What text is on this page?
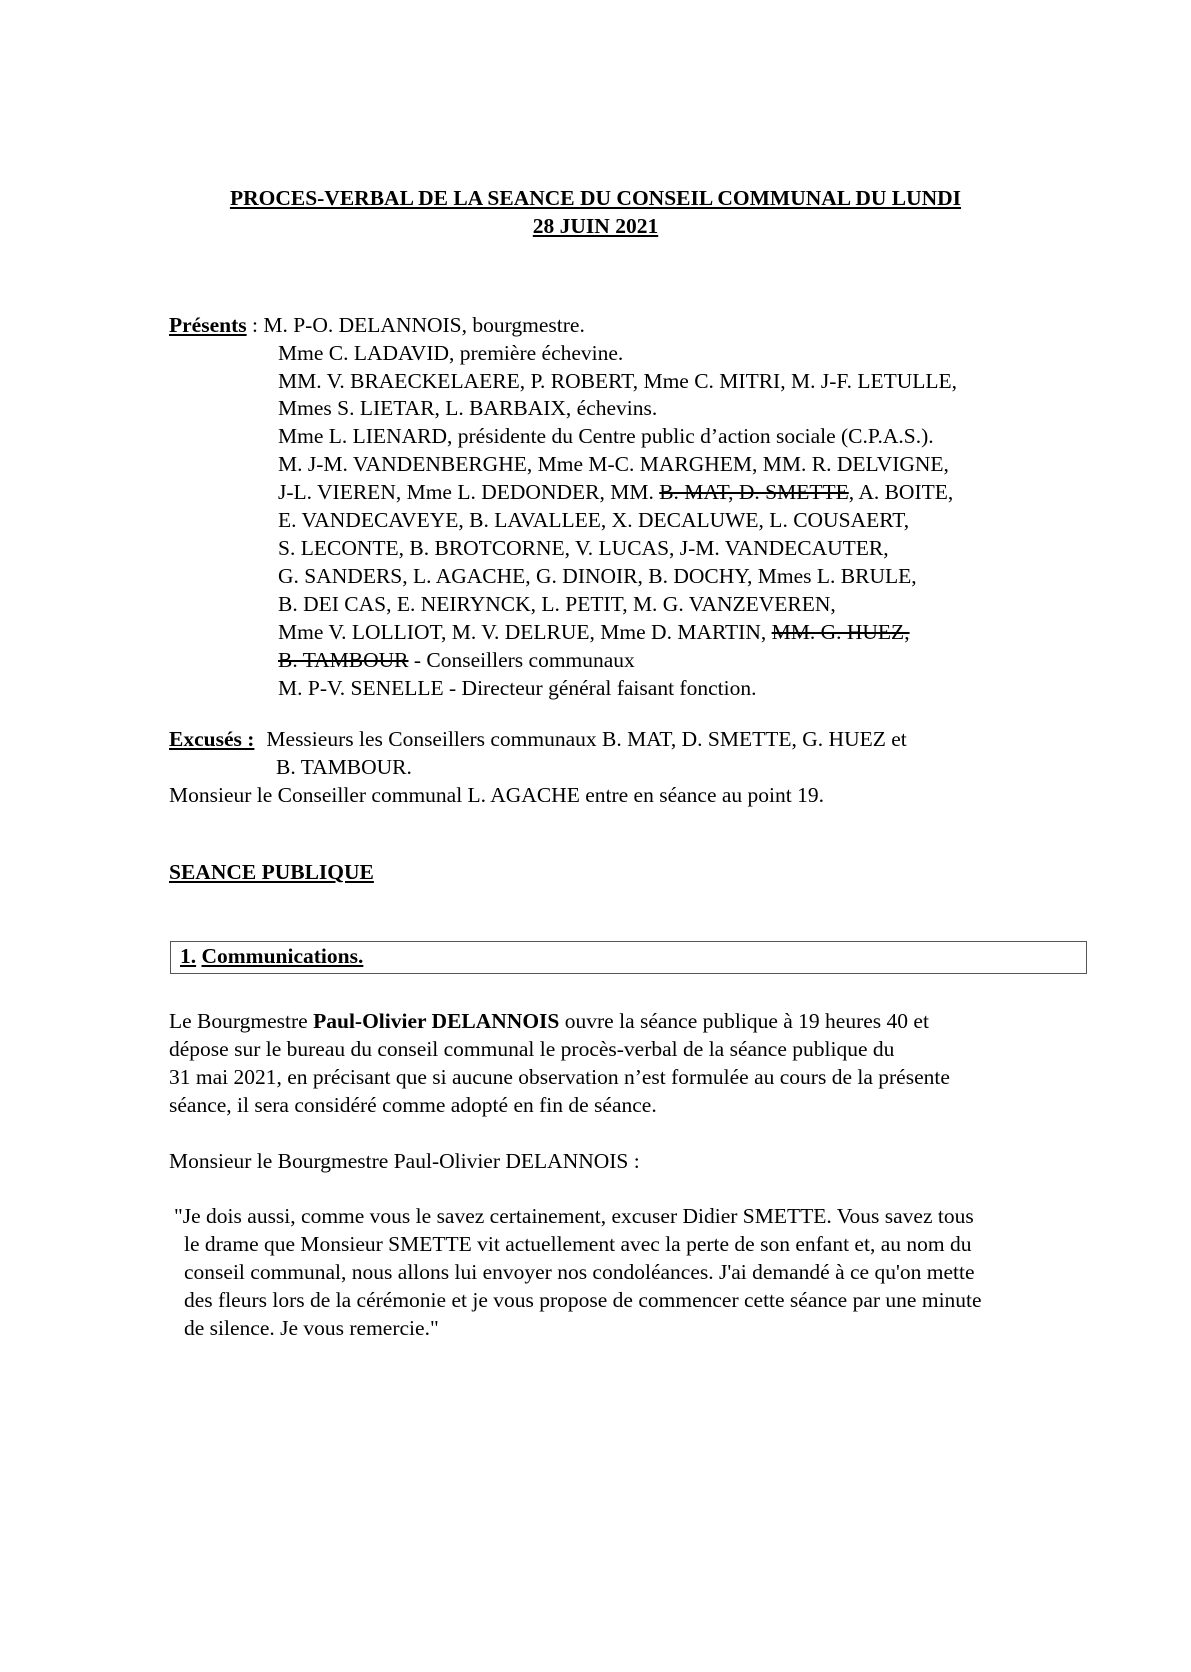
PROCES-VERBAL DE LA SEANCE DU CONSEIL COMMUNAL DU LUNDI
28 JUIN 2021
Présents : M. P-O. DELANNOIS, bourgmestre.
Mme C. LADAVID, première échevine.
MM. V. BRAECKELAERE, P. ROBERT, Mme C. MITRI, M. J-F. LETULLE,
Mmes S. LIETAR, L. BARBAIX, échevins.
Mme L. LIENARD, présidente du Centre public d’action sociale (C.P.A.S.).
M. J-M. VANDENBERGHE, Mme M-C. MARGHEM, MM. R. DELVIGNE,
J-L. VIEREN, Mme L. DEDONDER, MM. B. MAT, D. SMETTE, A. BOITE,
E. VANDECAVEYE, B. LAVALLEE, X. DECALUWE, L. COUSAERT,
S. LECONTE, B. BROTCORNE, V. LUCAS, J-M. VANDECAUTER,
G. SANDERS, L. AGACHE, G. DINOIR, B. DOCHY, Mmes L. BRULE,
B. DEI CAS, E. NEIRYNCK, L. PETIT, M. G. VANZEVEREN,
Mme V. LOLLIOT, M. V. DELRUE, Mme D. MARTIN, MM. G. HUEZ,
B. TAMBOUR - Conseillers communaux
M. P-V. SENELLE - Directeur général faisant fonction.
Excusés : Messieurs les Conseillers communaux B. MAT, D. SMETTE, G. HUEZ et
B. TAMBOUR.
Monsieur le Conseiller communal L. AGACHE entre en séance au point 19.
SEANCE PUBLIQUE
1. Communications.
Le Bourgmestre Paul-Olivier DELANNOIS ouvre la séance publique à 19 heures 40 et
dépose sur le bureau du conseil communal le procès-verbal de la séance publique du
31 mai 2021, en précisant que si aucune observation n’est formulée au cours de la présente
séance, il sera considéré comme adopté en fin de séance.
Monsieur le Bourgmestre Paul-Olivier DELANNOIS :
"Je dois aussi, comme vous le savez certainement, excuser Didier SMETTE. Vous savez tous
le drame que Monsieur SMETTE vit actuellement avec la perte de son enfant et, au nom du
conseil communal, nous allons lui envoyer nos condoléances. J'ai demandé à ce qu'on mette
des fleurs lors de la cérémonie et je vous propose de commencer cette séance par une minute
de silence. Je vous remercie."
